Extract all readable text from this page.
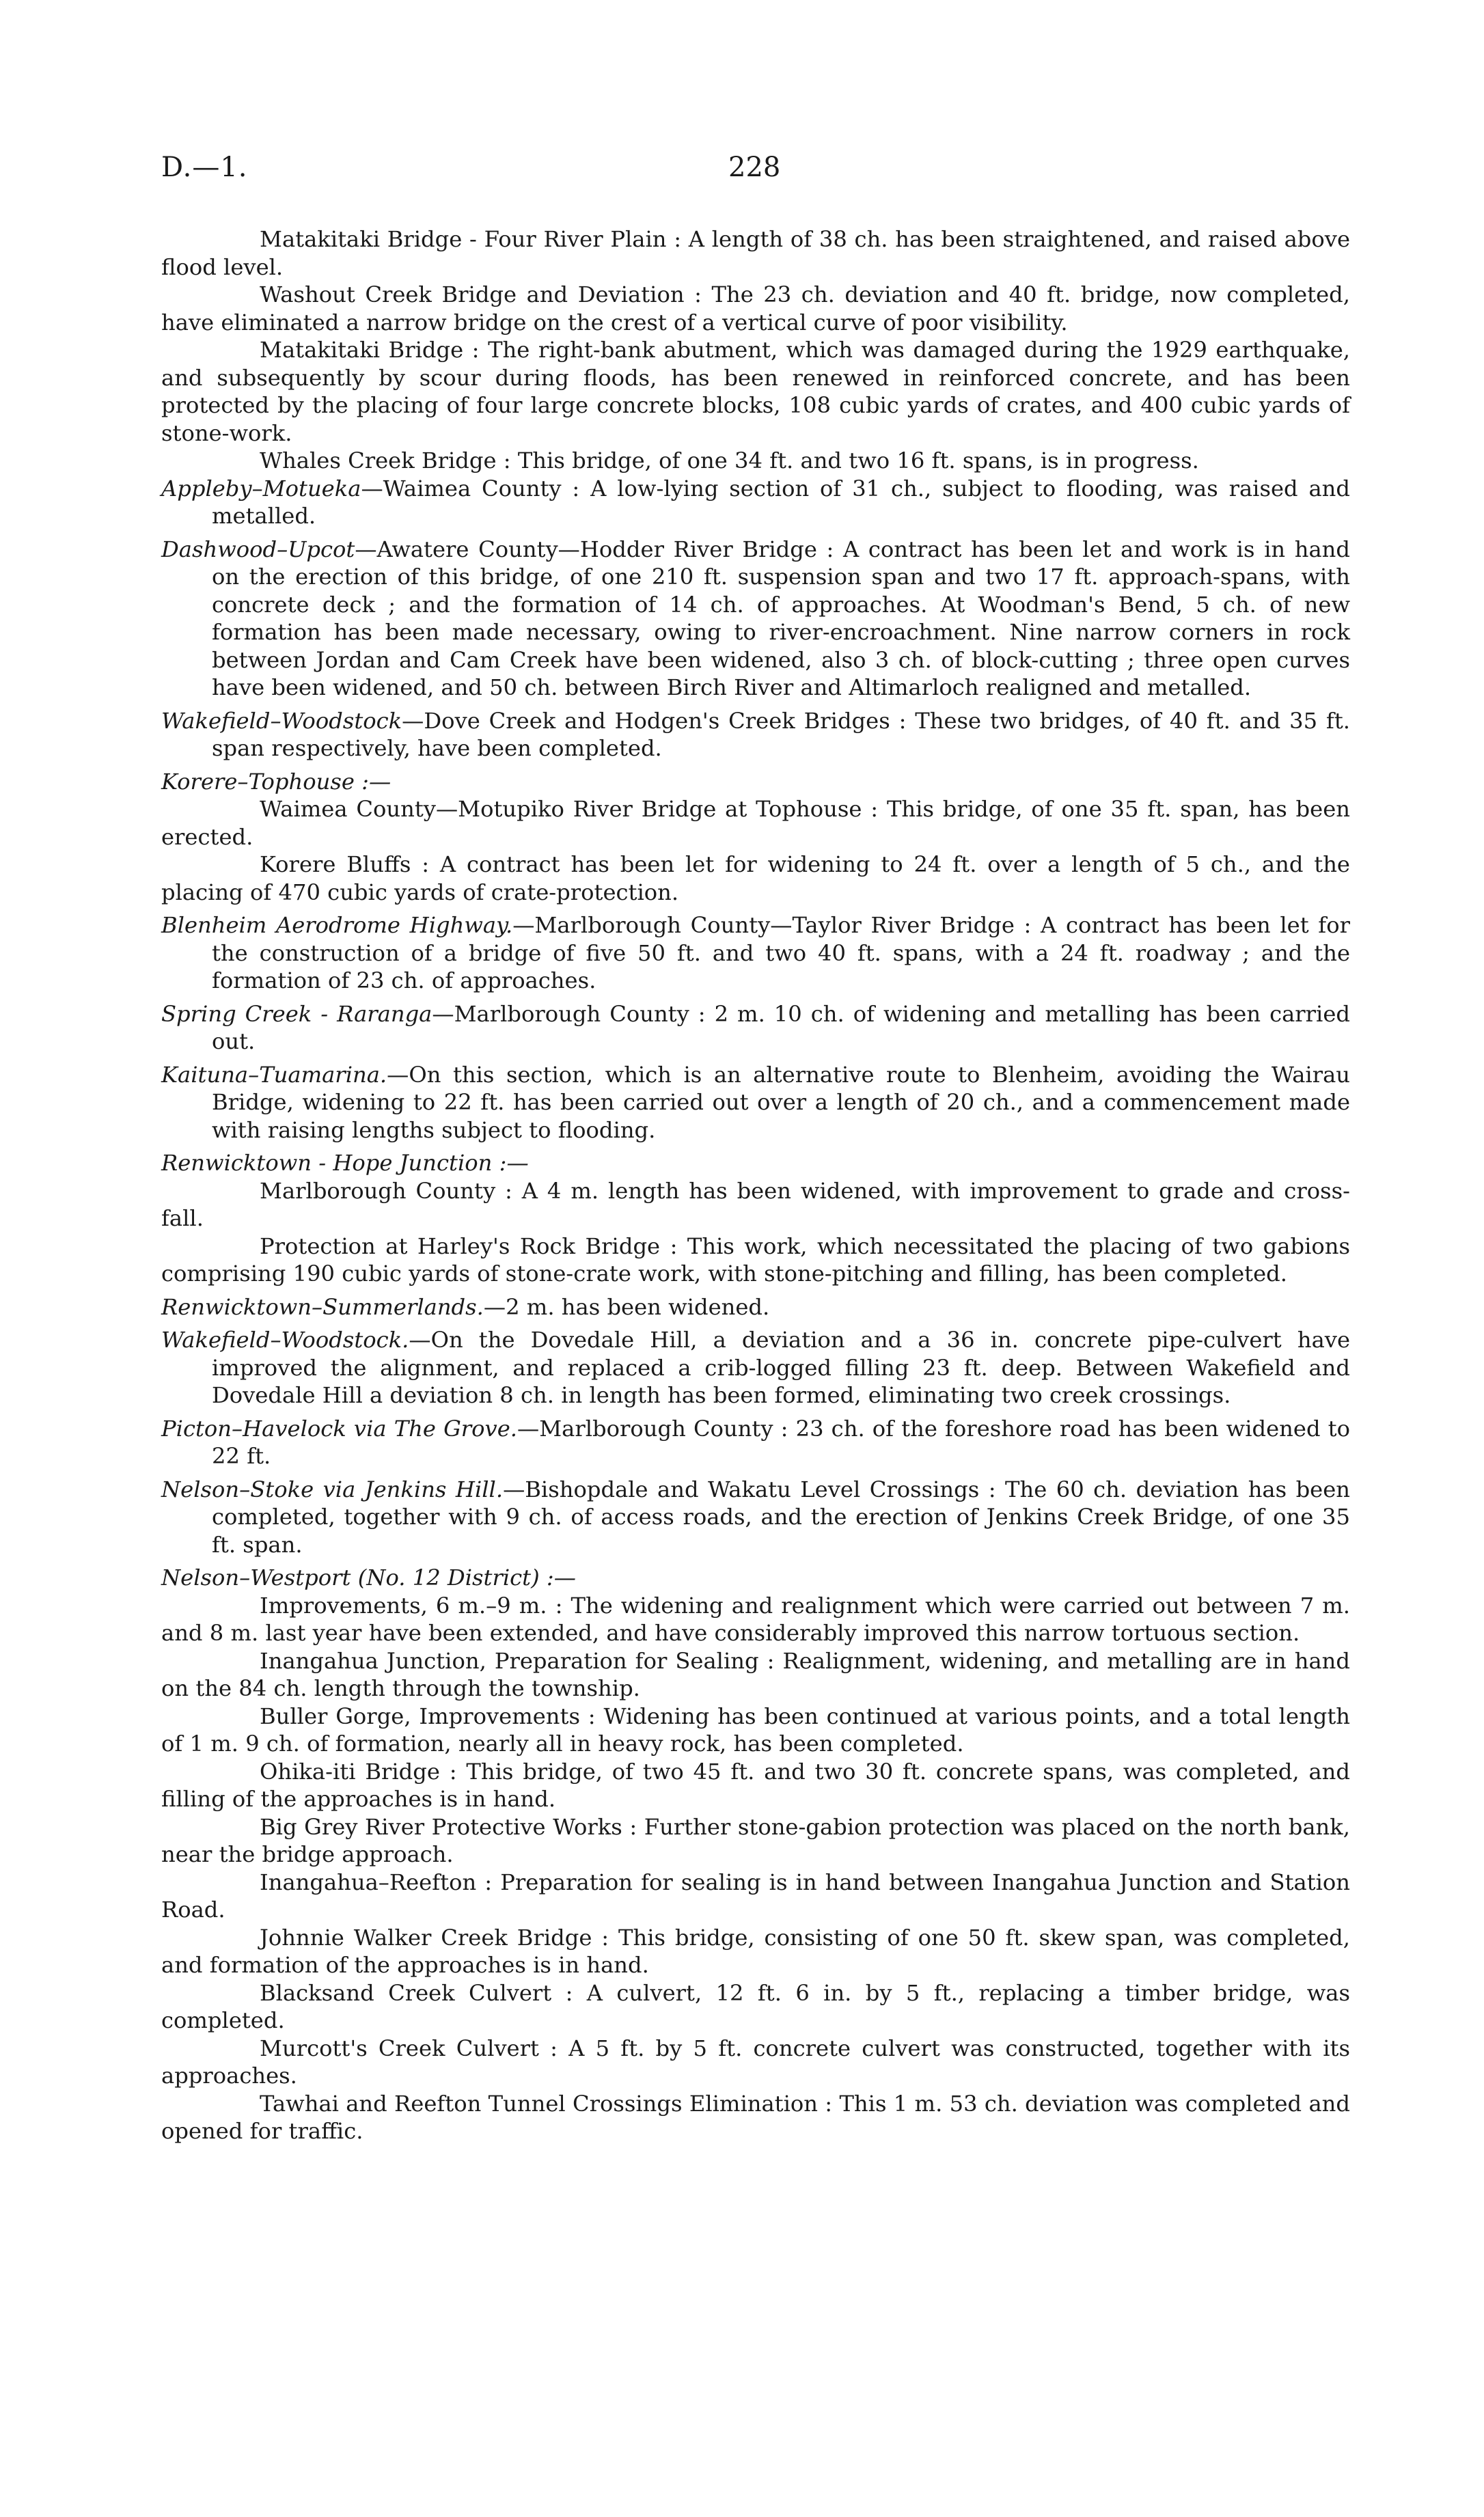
D.—1.	228

Matakitaki Bridge - Four River Plain : A length of 38 ch. has been straightened, and raised above flood level.

Washout Creek Bridge and Deviation : The 23 ch. deviation and 40 ft. bridge, now completed, have eliminated a narrow bridge on the crest of a vertical curve of poor visibility.

Matakitaki Bridge : The right-bank abutment, which was damaged during the 1929 earthquake, and subsequently by scour during floods, has been renewed in reinforced concrete, and has been protected by the placing of four large concrete blocks, 108 cubic yards of crates, and 400 cubic yards of stone-work.

Whales Creek Bridge : This bridge, of one 34 ft. and two 16 ft. spans, is in progress.

Appleby–Motueka—Waimea County : A low-lying section of 31 ch., subject to flooding, was raised and metalled.

Dashwood–Upcot—Awatere County—Hodder River Bridge : A contract has been let and work is in hand on the erection of this bridge, of one 210 ft. suspension span and two 17 ft. approach-spans, with concrete deck ; and the formation of 14 ch. of approaches. At Woodman's Bend, 5 ch. of new formation has been made necessary, owing to river-encroachment. Nine narrow corners in rock between Jordan and Cam Creek have been widened, also 3 ch. of block-cutting ; three open curves have been widened, and 50 ch. between Birch River and Altimarloch realigned and metalled.

Wakefield–Woodstock—Dove Creek and Hodgen's Creek Bridges : These two bridges, of 40 ft. and 35 ft. span respectively, have been completed.

Korere–Tophouse :—

Waimea County—Motupiko River Bridge at Tophouse : This bridge, of one 35 ft. span, has been erected.

Korere Bluffs : A contract has been let for widening to 24 ft. over a length of 5 ch., and the placing of 470 cubic yards of crate-protection.

Blenheim Aerodrome Highway.—Marlborough County—Taylor River Bridge : A contract has been let for the construction of a bridge of five 50 ft. and two 40 ft. spans, with a 24 ft. roadway ; and the formation of 23 ch. of approaches.

Spring Creek - Raranga—Marlborough County : 2 m. 10 ch. of widening and metalling has been carried out.

Kaituna–Tuamarina.—On this section, which is an alternative route to Blenheim, avoiding the Wairau Bridge, widening to 22 ft. has been carried out over a length of 20 ch., and a commencement made with raising lengths subject to flooding.

Renwicktown - Hope Junction :—

Marlborough County : A 4 m. length has been widened, with improvement to grade and cross-fall.

Protection at Harley's Rock Bridge : This work, which necessitated the placing of two gabions comprising 190 cubic yards of stone-crate work, with stone-pitching and filling, has been completed.

Renwicktown–Summerlands.—2 m. has been widened.

Wakefield–Woodstock.—On the Dovedale Hill, a deviation and a 36 in. concrete pipe-culvert have improved the alignment, and replaced a crib-logged filling 23 ft. deep. Between Wakefield and Dovedale Hill a deviation 8 ch. in length has been formed, eliminating two creek crossings.

Picton–Havelock via The Grove.—Marlborough County : 23 ch. of the foreshore road has been widened to 22 ft.

Nelson–Stoke via Jenkins Hill.—Bishopdale and Wakatu Level Crossings : The 60 ch. deviation has been completed, together with 9 ch. of access roads, and the erection of Jenkins Creek Bridge, of one 35 ft. span.

Nelson–Westport (No. 12 District) :—

Improvements, 6 m.–9 m. : The widening and realignment which were carried out between 7 m. and 8 m. last year have been extended, and have considerably improved this narrow tortuous section.

Inangahua Junction, Preparation for Sealing : Realignment, widening, and metalling are in hand on the 84 ch. length through the township.

Buller Gorge, Improvements : Widening has been continued at various points, and a total length of 1 m. 9 ch. of formation, nearly all in heavy rock, has been completed.

Ohika-iti Bridge : This bridge, of two 45 ft. and two 30 ft. concrete spans, was completed, and filling of the approaches is in hand.

Big Grey River Protective Works : Further stone-gabion protection was placed on the north bank, near the bridge approach.

Inangahua–Reefton : Preparation for sealing is in hand between Inangahua Junction and Station Road.

Johnnie Walker Creek Bridge : This bridge, consisting of one 50 ft. skew span, was completed, and formation of the approaches is in hand.

Blacksand Creek Culvert : A culvert, 12 ft. 6 in. by 5 ft., replacing a timber bridge, was completed.

Murcott's Creek Culvert : A 5 ft. by 5 ft. concrete culvert was constructed, together with its approaches.

Tawhai and Reefton Tunnel Crossings Elimination : This 1 m. 53 ch. deviation was completed and opened for traffic.
